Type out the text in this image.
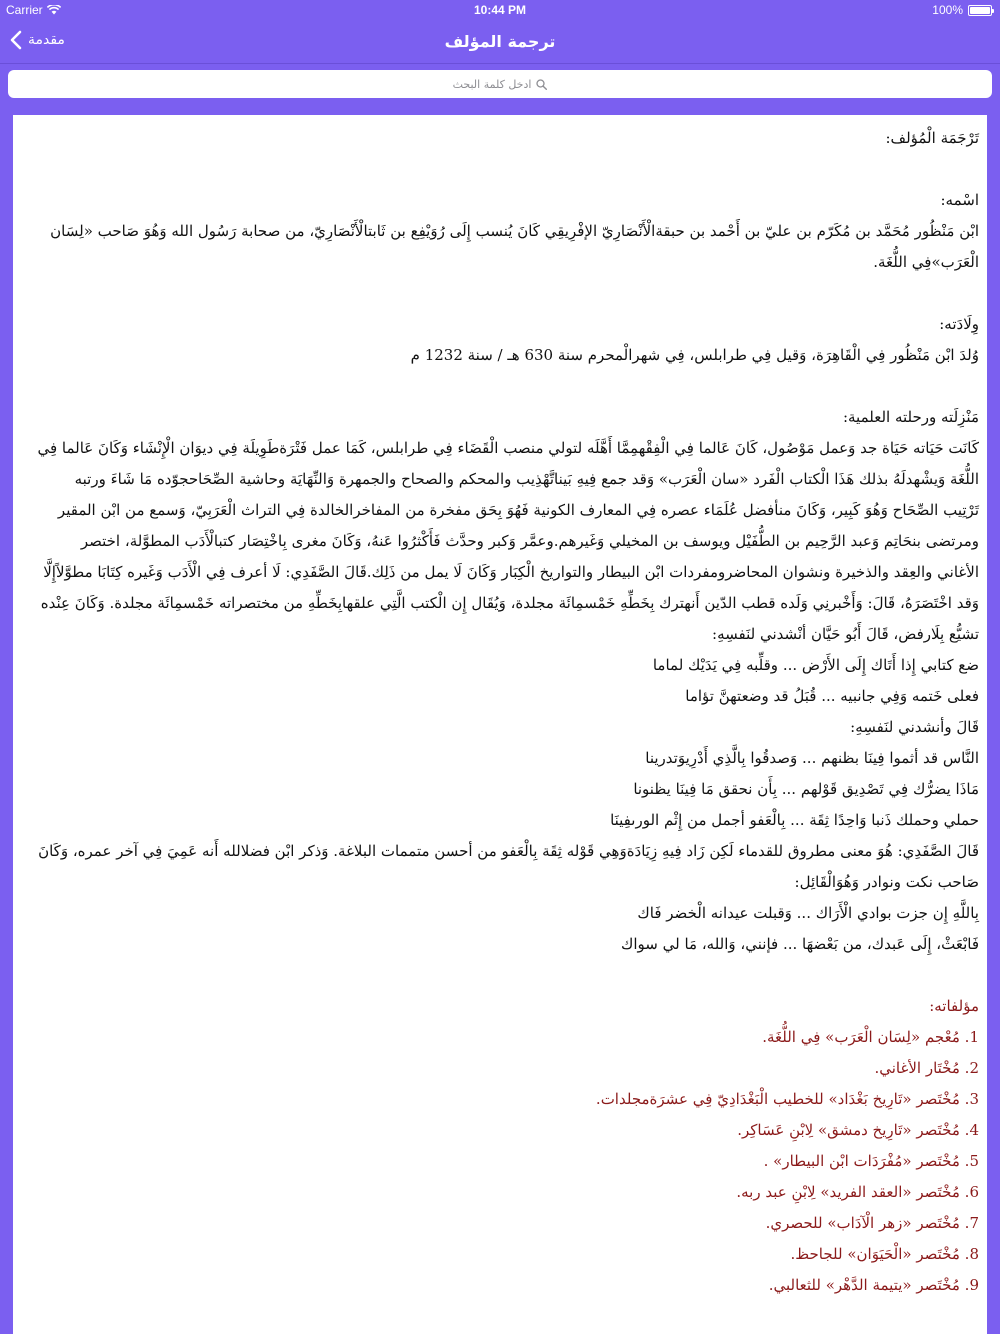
Carrier	10:44 PM	100%
مقدمة	ترجمة المؤلف
ادخل كلمة البحث

تَرْجَمَة الْمُؤلف:

اسْمه:

ابْن مَنْظُور مُحَمَّد بن مُكَرّم بن عليّ بن أَحْمد بن حبقةالْأَنْصَارِيّ الإفْرِيقِي كَانَ يُنسب إِلَى رُوَيْفِع بن ثَابتالْأَنْصَارِيّ، من صحابة رَسُول الله وَهُوَ صَاحب «لِسَان الْعَرَب»فِي اللُّغَة.

وِلَادَته:

وُلدَ ابْن مَنْظُور فِي الْقَاهِرَة، وَقيل فِي طرابلس، فِي شهرالْمحرم سنة 630 هـ / سنة 1232 م

مَنْزِلَته ورحلته العلمية:

كَانَت حَيَاته حَيَاة جد وَعمل مَوْصُول، كَانَ عَالما فِي الْفِقْهمِمَّا أَهَّلَه لتولي منصب الْقَضَاء فِي طرابلس، كَمَا عمل فَتْرَةطَوِيلَة فِي ديوَان الْإِنْشَاء وَكَانَ عَالما فِي اللُّغَة وَيشْهدلَهُ بذلك هَذَا الْكتاب الْفَرد «سان الْعَرَب» وَقد جمع فِيهِ بَيناتَّهْذِيب والمحكم والصحاح والجمهرة وَالنِّهَايَة وحاشية الصِّحَاحجوّده مَا شَاءَ ورتبه تَرْتِيب الصِّحَاح وَهُوَ كَبِير، وَكَانَ منأفضل عُلَمَاء عصره فِي المعارف الكونية فَهُوَ بِحَق مفخرة من المفاخرالخالدة فِي التراث الْعَرَبِيّ، وَسمع من ابْن المقير ومرتضى بنحَاتِم وَعبد الرَّحِيم بن الطُّفَيْل ويوسف بن المخيلي وَغَيرهم.وعمَّر وَكبر وحدَّث فَأَكْثرُوا عَنهُ، وَكَانَ مغرى بِاخْتِصَار كتبالْأَدَب المطوَّلة، اختصر الأغاني والعِقد والذخيرة ونشوان المحاضرومفردات ابْن البيطار والتواريخ الْكِبَار وَكَانَ لَا يمل من ذَلِك.قَالَ الصَّفَدِي: لَا أعرف فِي الْأَدَب وَغَيره كِتَابَا مطوَّلاًإِلَّا وَقد اخْتَصَرَهُ، قَالَ: وَأَخْبرنِي وَلَده قطب الدّين أَنهترك بِخَطِّهِ خَمْسمِائَة مجلدة، وَيُقَال إِن الْكتب الَّتِي علقهابِخَطِّهِ من مختصراته خَمْسمِائَة مجلدة. وَكَانَ عِنْده تشيُّع بِلَارفض، قَالَ أَبُو حَيَّان أنْشدني لنَفسِهِ:

ضع كتابي إِذا أَتَاك إِلَى الأَرْض ... وقلِّبه فِي يَدَيْك لماما

فعلى خَتمه وَفِي جانبيه ... قُبَلُ قد وضعتهنَّ تؤاما

قَالَ وأنشدني لنَفسِهِ:

النَّاس قد أثموا فِينَا بظنهم ... وَصدقُوا بِالَّذِي أَدْرِيوَتدرينا

مَاذَا يضرُّك فِي تَصْدِيق قَوْلهم ... بِأَن نحقق مَا فِينَا يظنونا

حملي وحملك ذَنبا وَاحِدًا ثِقَة ... بِالْعَفو أجمل من إِثْم الورىفِينَا

قَالَ الصَّفَدِي: هُوَ معنى مطروق للقدماء لَكِن زَاد فِيهِ زِيَادَةوَهِي قَوْله ثِقَة بِالْعَفو من أحسن متممات البلاغة. وَذكر ابْن فضلالله أَنه عَمِيَ فِي آخر عمره، وَكَانَ صَاحب نكت ونوادر وَهُوَالْقَائِل:

بِاللَّهِ إِن جزت بوادي الْأَرَاك ... وَقبلت عيدانه الْخضر فَاك

فَابْعَثْ، إِلَى عَبدك، من بَعْضهَا ... فإنني، وَالله، مَا لي سواك

مؤلفاته:

1. مُعْجم «لِسَان الْعَرَب» فِي اللُّغَة.
2. مُخْتَار الأغاني.
3. مُخْتَصر «تَارِيخ بَغْدَاد» للخطيب الْبَغْدَادِيّ فِي عشرَةمجلدات.
4. مُخْتَصر «تَارِيخ دمشق» لِابْنِ عَسَاكِر.
5. مُخْتَصر «مُفْرَدَات ابْن البيطار» .
6. مُخْتَصر «العقد الفريد» لِابْنِ عبد ربه.
7. مُخْتَصر «زهر الْآدَاب» للحصري.
8. مُخْتَصر «الْحَيَوَان» للجاحظ.
9. مُخْتَصر «يتيمة الدَّهْر» للثعالبي.
